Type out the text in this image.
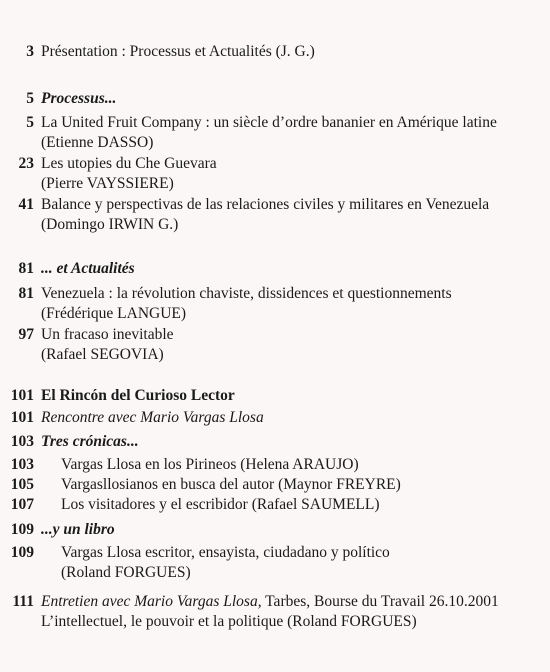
3 Présentation : Processus et Actualités (J. G.)
5 Processus...
5 La United Fruit Company : un siècle d’ordre bananier en Amérique latine
(Etienne DASSO)
23 Les utopies du Che Guevara
(Pierre VAYSSIERE)
41 Balance y perspectivas de las relaciones civiles y militares en Venezuela
(Domingo IRWIN G.)
81 ... et Actualités
81 Venezuela : la révolution chaviste, dissidences et questionnements
(Frédérique LANGUE)
97 Un fracaso inevitable
(Rafael SEGOVIA)
101 El Rincón del Curioso Lector
101 Rencontre avec Mario Vargas Llosa
103 Tres crónicas...
103 Vargas Llosa en los Pirineos (Helena ARAUJO)
105 Vargasllosianos en busca del autor (Maynor FREYRE)
107 Los visitadores y el escribidor (Rafael SAUMELL)
109 ...y un libro
109 Vargas Llosa escritor, ensayista, ciudadano y político
(Roland FORGUES)
111 Entretien avec Mario Vargas Llosa, Tarbes, Bourse du Travail 26.10.2001
L’intellectuel, le pouvoir et la politique (Roland FORGUES)
